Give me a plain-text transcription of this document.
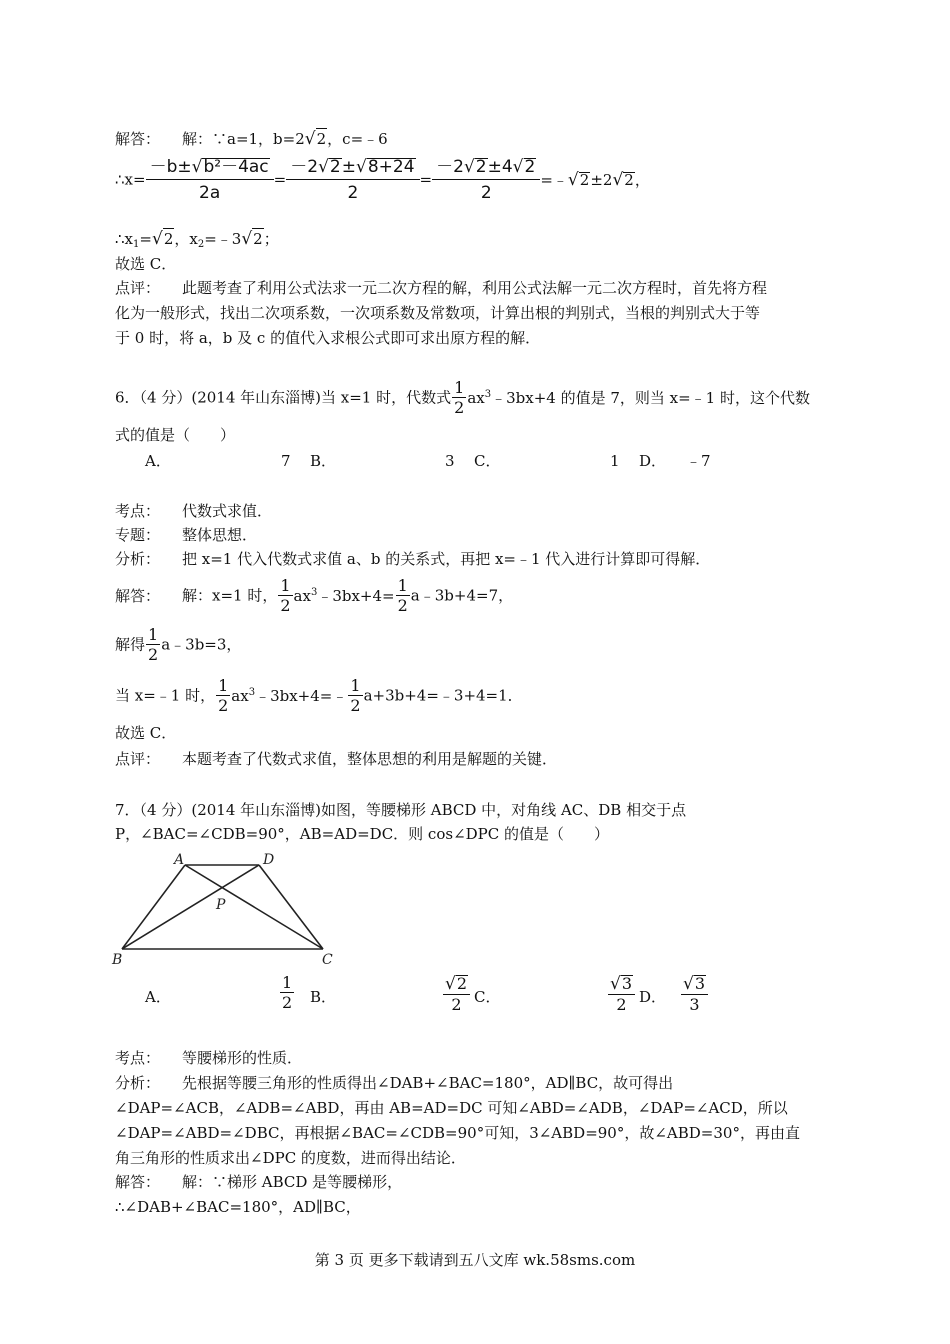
解答： 解：∵a=1，b=2√2，c=﹣6
∴x= $\frac{\text{－b±√b²－4ac}}{2a} = \frac{-2√2\pm√8+24}{2} = \frac{-2√2\pm 4√2}{2}$ =﹣√2±2√2，
$\therefore x_1=√2$，$x_2=﹣3√2$；
故选 C．
点评： 此题考查了利用公式法求一元二次方程的解，利用公式法解一元二次方程时，首先将方程
化为一般形式，找出二次项系数，一次项系数及常数项，计算出根的判别式，当根的判别式大于等
于 0 时，将 a，b 及 c 的值代入求根公式即可求出原方程的解．
6．（4 分）(2014 年山东淄博)当 x=1 时，代数式 $\frac{1}{2}$ $ax^3﹣3bx+4$ 的值是 7，则当 x=﹣1 时，这个代数
式的值是（　　）
A．	7 B．	3 C．	1 D． ﹣7
考点： 代数式求值．
专题： 整体思想．
分析： 把 x=1 代入代数式求值 a、b 的关系式，再把 x=﹣1 代入进行计算即可得解．
解答： 解：x=1 时， $\frac{1}{2}$ $ax^3﹣3bx+4= \frac{1}{2}$ a﹣3b+4=7，
解得 $\frac{1}{2}$ a﹣3b=3，
当 x=﹣1 时， $\frac{1}{2}$ $ax^3﹣3bx+4=﹣ \frac{1}{2}$ a+3b+4=﹣3+4=1．
故选 C．
点评： 本题考查了代数式求值，整体思想的利用是解题的关键．
7．（4 分）(2014 年山东淄博)如图，等腰梯形 ABCD 中，对角线 AC、DB 相交于点
P，∠BAC=∠CDB=90°，AB=AD=DC．则 cos∠DPC 的值是（　　）
A	D
P
B	C
A．	$\frac{1}{2}$ B．	$\frac{√2}{2}$ C．	$\frac{√3}{2}$ D． $\frac{√3}{3}$
考点： 等腰梯形的性质．
分析： 先根据等腰三角形的性质得出∠DAB+∠BAC=180°，AD∥BC，故可得出
∠DAP=∠ACB，∠ADB=∠ABD，再由 AB=AD=DC 可知∠ABD=∠ADB，∠DAP=∠ACD，所以
∠DAP=∠ABD=∠DBC，再根据∠BAC=∠CDB=90°可知，3∠ABD=90°，故∠ABD=30°，再由直
角三角形的性质求出∠DPC 的度数，进而得出结论．
解答： 解：∵梯形 ABCD 是等腰梯形，
∴∠DAB+∠BAC=180°，AD∥BC，
第 3 页 更多下载请到五八文库 wk.58sms.com
